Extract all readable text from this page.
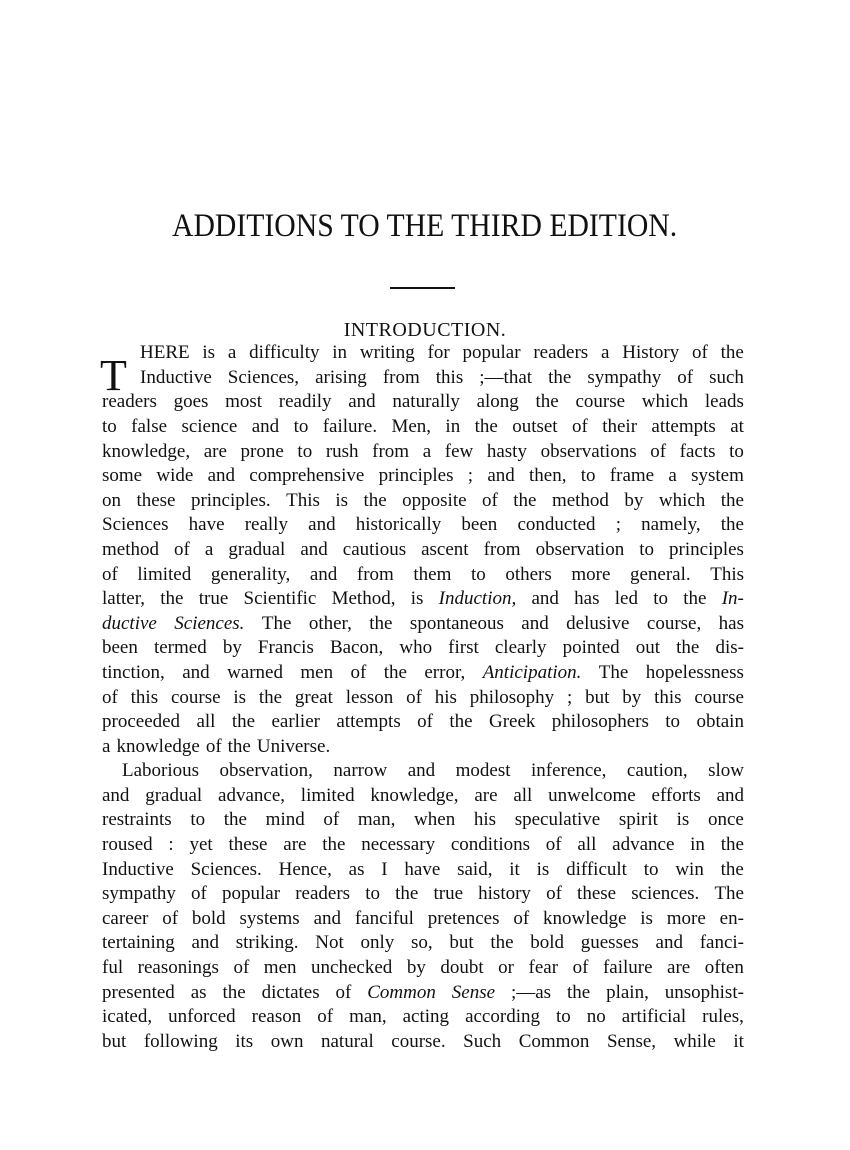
ADDITIONS TO THE THIRD EDITION.
INTRODUCTION.
T HERE is a difficulty in writing for popular readers a History of the
Inductive Sciences, arising from this ;—that the sympathy of such
readers goes most readily and naturally along the course which leads
to false science and to failure. Men, in the outset of their attempts at
knowledge, are prone to rush from a few hasty observations of facts to
some wide and comprehensive principles ; and then, to frame a system
on these principles. This is the opposite of the method by which the
Sciences have really and historically been conducted ; namely, the
method of a gradual and cautious ascent from observation to principles
of limited generality, and from them to others more general. This
latter, the true Scientific Method, is Induction, and has led to the In-
ductive Sciences. The other, the spontaneous and delusive course, has
been termed by Francis Bacon, who first clearly pointed out the dis-
tinction, and warned men of the error, Anticipation. The hopelessness
of this course is the great lesson of his philosophy ; but by this course
proceeded all the earlier attempts of the Greek philosophers to obtain
a knowledge of the Universe.
Laborious observation, narrow and modest inference, caution, slow
and gradual advance, limited knowledge, are all unwelcome efforts and
restraints to the mind of man, when his speculative spirit is once
roused : yet these are the necessary conditions of all advance in the
Inductive Sciences. Hence, as I have said, it is difficult to win the
sympathy of popular readers to the true history of these sciences. The
career of bold systems and fanciful pretences of knowledge is more en-
tertaining and striking. Not only so, but the bold guesses and fanci-
ful reasonings of men unchecked by doubt or fear of failure are often
presented as the dictates of Common Sense ;—as the plain, unsophist-
icated, unforced reason of man, acting according to no artificial rules,
but following its own natural course. Such Common Sense, while it
